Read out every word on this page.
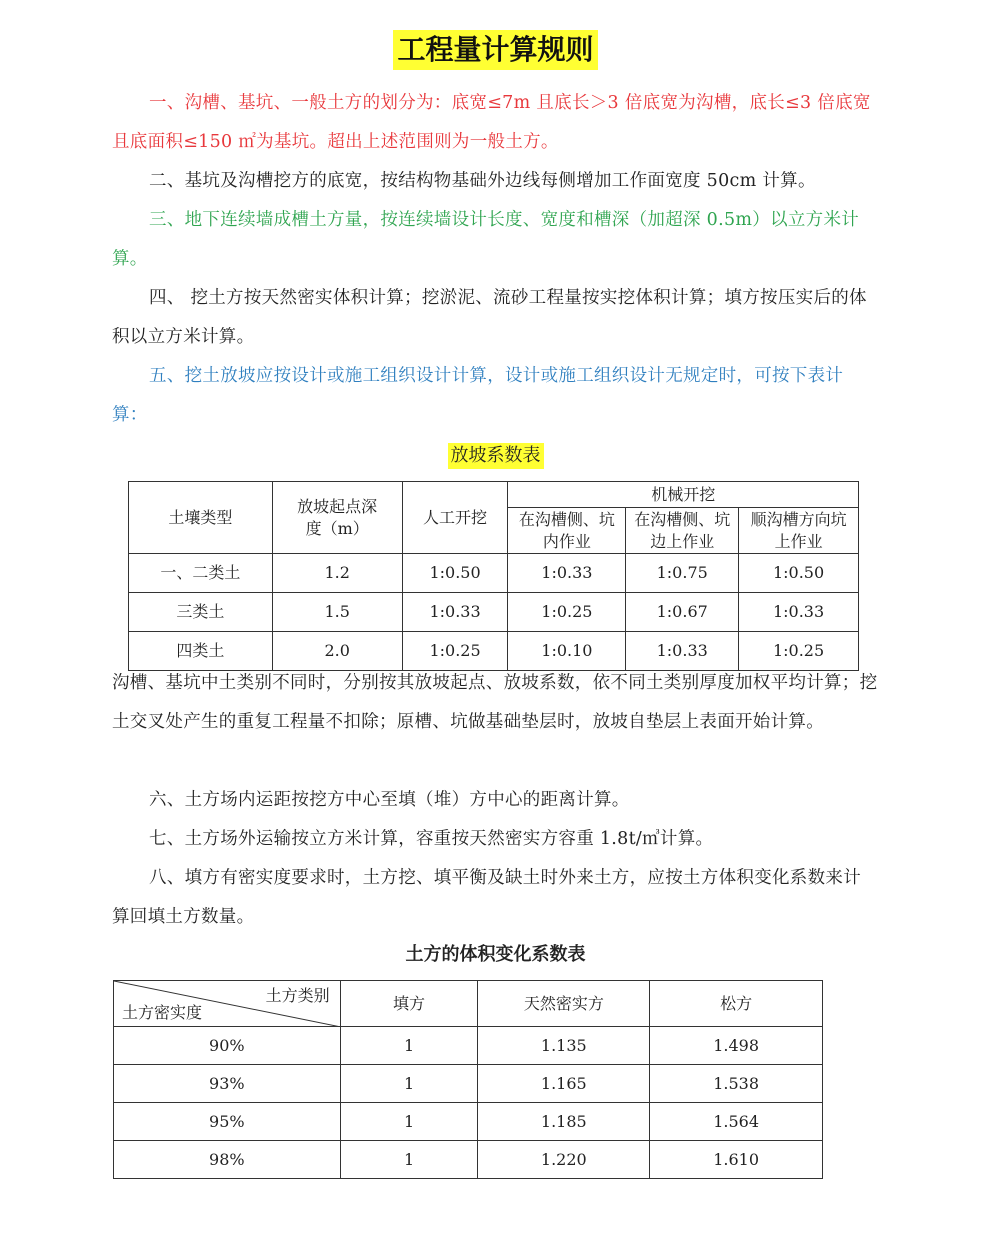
工程量计算规则

一、沟槽、基坑、一般土方的划分为：底宽≤7m 且底长＞3 倍底宽为沟槽，底长≤3 倍底宽且底面积≤150 ㎡为基坑。超出上述范围则为一般土方。

二、基坑及沟槽挖方的底宽，按结构物基础外边线每侧增加工作面宽度 50cm 计算。

三、地下连续墙成槽土方量，按连续墙设计长度、宽度和槽深（加超深 0.5m）以立方米计算。

四、 挖土方按天然密实体积计算；挖淤泥、流砂工程量按实挖体积计算；填方按压实后的体积以立方米计算。

五、挖土放坡应按设计或施工组织设计计算，设计或施工组织设计无规定时，可按下表计算：

放坡系数表
土壤类型	放坡起点深度（m）	人工开挖	机械开挖		
			在沟槽侧、坑内作业	在沟槽侧、坑边上作业	顺沟槽方向坑上作业
一、二类土	1.2	1:0.50	1:0.33	1:0.75	1:0.50
三类土	1.5	1:0.33	1:0.25	1:0.67	1:0.33
四类土	2.0	1:0.25	1:0.10	1:0.33	1:0.25

沟槽、基坑中土类别不同时，分别按其放坡起点、放坡系数，依不同土类别厚度加权平均计算；挖土交叉处产生的重复工程量不扣除；原槽、坑做基础垫层时，放坡自垫层上表面开始计算。

六、土方场内运距按挖方中心至填（堆）方中心的距离计算。

七、土方场外运输按立方米计算，容重按天然密实方容重 1.8t/㎥计算。

八、填方有密实度要求时，土方挖、填平衡及缺土时外来土方，应按土方体积变化系数来计算回填土方数量。

土方的体积变化系数表
土方类别
土方密实度	填方	天然密实方	松方
90%	1	1.135	1.498
93%	1	1.165	1.538
95%	1	1.185	1.564
98%	1	1.220	1.610
